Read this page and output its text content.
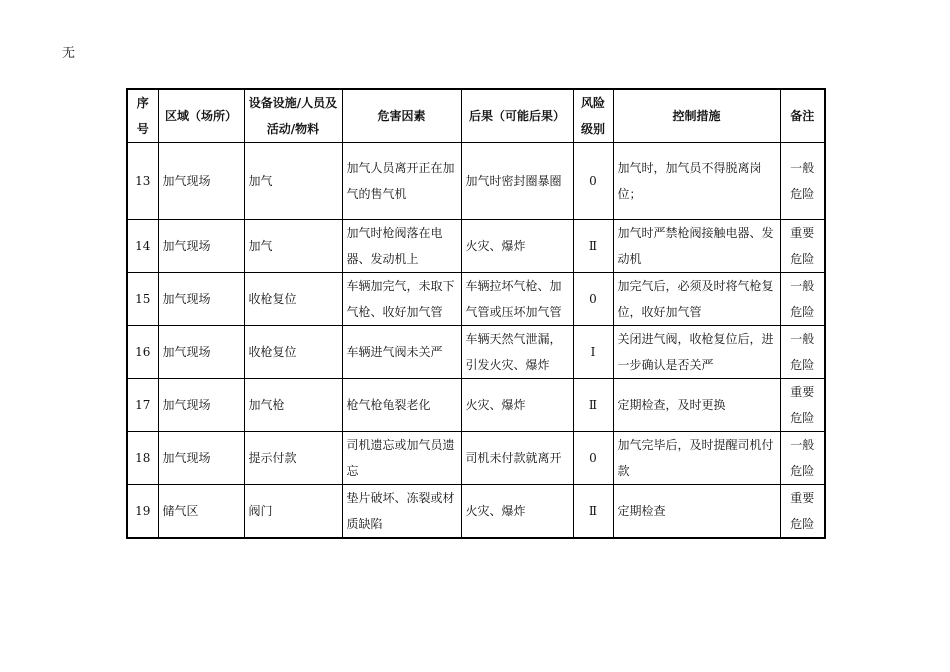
无
序号	区域（场所）	设备设施/人员及活动/物料	危害因素	后果（可能后果）	风险级别	控制措施	备注
13	加气现场	加气	加气人员离开正在加气的售气机	加气时密封圈暴圈	0	加气时，加气员不得脱离岗位；	一般危险
14	加气现场	加气	加气时枪阀落在电器、发动机上	火灾、爆炸	Ⅱ	加气时严禁枪阀接触电器、发动机	重要危险
15	加气现场	收枪复位	车辆加完气，未取下气枪、收好加气管	车辆拉坏气枪、加气管或压坏加气管	0	加完气后，必须及时将气枪复位，收好加气管	一般危险
16	加气现场	收枪复位	车辆进气阀未关严	车辆天然气泄漏，引发火灾、爆炸	Ⅰ	关闭进气阀，收枪复位后，进一步确认是否关严	一般危险
17	加气现场	加气枪	枪气枪龟裂老化	火灾、爆炸	Ⅱ	定期检查，及时更换	重要危险
18	加气现场	提示付款	司机遗忘或加气员遗忘	司机未付款就离开	0	加气完毕后，及时提醒司机付款	一般危险
19	储气区	阀门	垫片破坏、冻裂或材质缺陷	火灾、爆炸	Ⅱ	定期检查	重要危险
